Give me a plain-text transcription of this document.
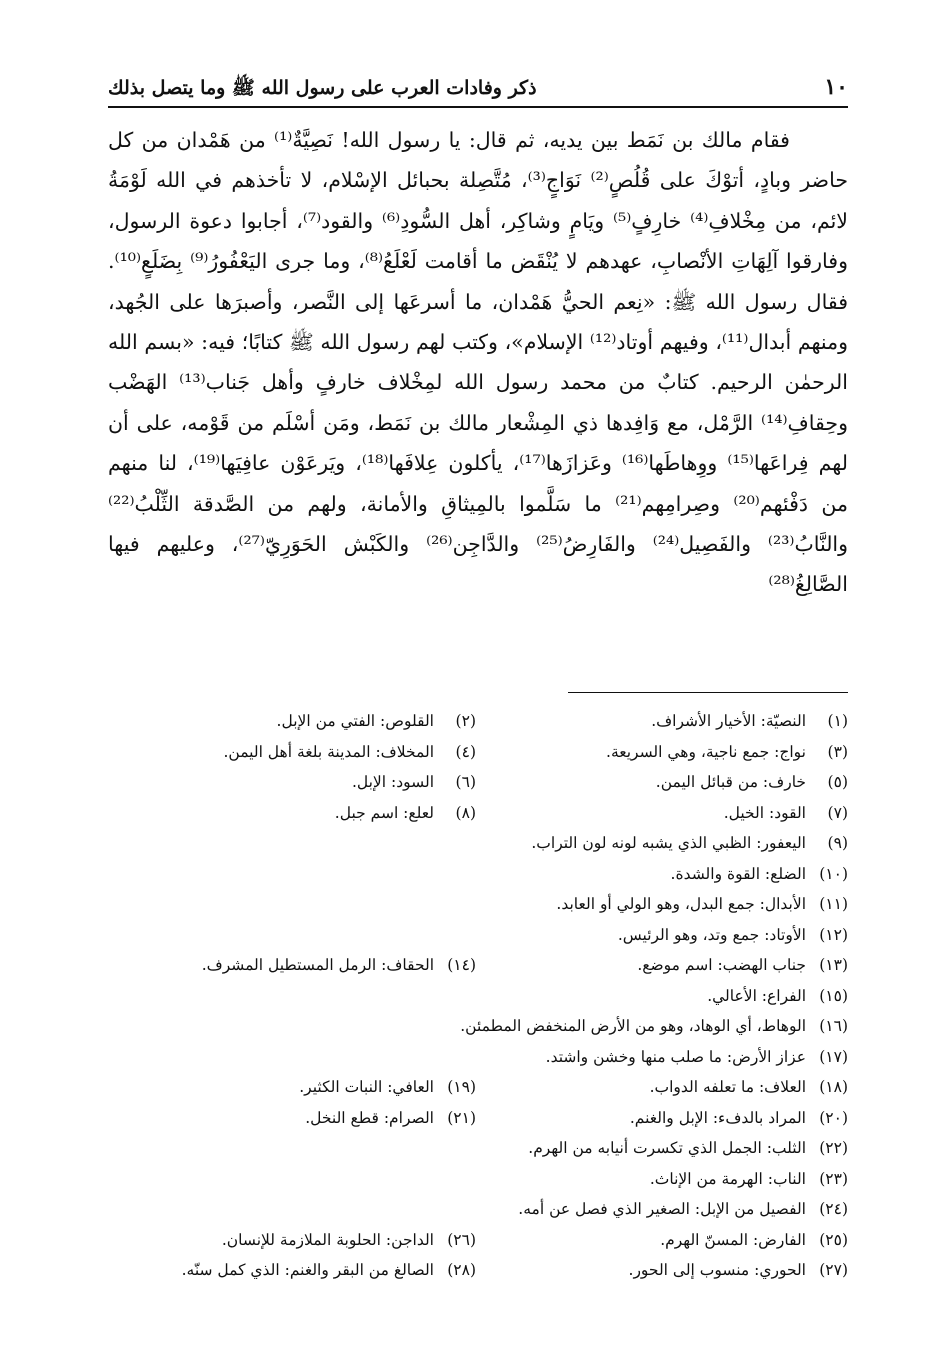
١٠
ذكر وفادات العرب على رسول الله ﷺ وما يتصل بذلك

فقام مالك بن نَمَط بين يديه، ثم قال: يا رسول الله! نَصِيَّةٌ⁽¹⁾ من هَمْدان من كل حاضر وبادٍ، أتوْكَ على قُلُصٍ⁽²⁾ نَوَاجٍ⁽³⁾، مُتَّصِلة بحبائل الإسْلام، لا تأخذهم في الله لَوْمَةُ لائم، من مِخْلافِ⁽⁴⁾ خارِفٍ⁽⁵⁾ ويَامٍ وشاكِر، أهل السُّودِ⁽⁶⁾ والقود⁽⁷⁾، أجابوا دعوة الرسول، وفارقوا آلِهَاتِ الأنْصابِ، عهدهم لا يُنْقَض ما أقامت لَعْلَعُ⁽⁸⁾، وما جرى اليَعْفُورُ⁽⁹⁾ بِضَلَعٍ⁽¹⁰⁾. فقال رسول الله ﷺ: «نِعم الحيُّ هَمْدان، ما أسرعَها إلى النَّصر، وأصبرَها على الجُهد، ومنهم أبدال⁽¹¹⁾، وفيهم أوتاد⁽¹²⁾ الإسلام»، وكتب لهم رسول الله ﷺ كتابًا؛ فيه: «بسم الله الرحمٰن الرحيم. كتابٌ من محمد رسول الله لمِخْلاف خارفٍ وأهل جَناب⁽¹³⁾ الهَضْب وحِقافِ⁽¹⁴⁾ الرَّمْل، مع وَافِدها ذي المِشْعار مالك بن نَمَط، ومَن أسْلَم من قَوْمه، على أن لهم فِراعَها⁽¹⁵⁾ ووِهاطَها⁽¹⁶⁾ وعَزازَها⁽¹⁷⁾، يأكلون عِلافَها⁽¹⁸⁾، ويَرعَوْن عافِيَها⁽¹⁹⁾، لنا منهم من دَفْئهم⁽²⁰⁾ وصِرامِهم⁽²¹⁾ ما سَلَّموا بالمِيثاقِ والأمانة، ولهم من الصَّدقة الثِّلْبُ⁽²²⁾ والنَّابُ⁽²³⁾ والفَصِيل⁽²⁴⁾ والفَارِضُ⁽²⁵⁾ والدَّاجِن⁽²⁶⁾ والكَبْش الحَوَرِيّ⁽²⁷⁾، وعليهم فيها الصَّالِغُ⁽²⁸⁾

(١)
النصيّة: الأخيار الأشراف.
(٢)
القلوص: الفتي من الإبل.
(٣)
نواج: جمع ناجية، وهي السريعة.
(٤)
المخلاف: المدينة بلغة أهل اليمن.
(٥)
خارف: من قبائل اليمن.
(٦)
السود: الإبل.
(٧)
القود: الخيل.
(٨)
لعلع: اسم جبل.
(٩)
اليعفور: الظبي الذي يشبه لونه لون التراب.
(١٠)
الضلع: القوة والشدة.
(١١)
الأبدال: جمع البدل، وهو الولي أو العابد.
(١٢)
الأوتاد: جمع وتد، وهو الرئيس.
(١٣)
جناب الهضب: اسم موضع.
(١٤)
الحقاف: الرمل المستطيل المشرف.
(١٥)
الفراع: الأعالي.
(١٦)
الوهاط، أي الوهاد، وهو من الأرض المنخفض المطمئن.
(١٧)
عزاز الأرض: ما صلب منها وخشن واشتد.
(١٨)
العلاف: ما تعلفه الدواب.
(١٩)
العافي: النبات الكثير.
(٢٠)
المراد بالدفء: الإبل والغنم.
(٢١)
الصرام: قطع النخل.
(٢٢)
الثلب: الجمل الذي تكسرت أنيابه من الهرم.
(٢٣)
الناب: الهرمة من الإناث.
(٢٤)
الفصيل من الإبل: الصغير الذي فصل عن أمه.
(٢٥)
الفارض: المسنّ الهرم.
(٢٦)
الداجن: الحلوبة الملازمة للإنسان.
(٢٧)
الحوري: منسوب إلى الحور.
(٢٨)
الصالغ من البقر والغنم: الذي كمل سنّه.
